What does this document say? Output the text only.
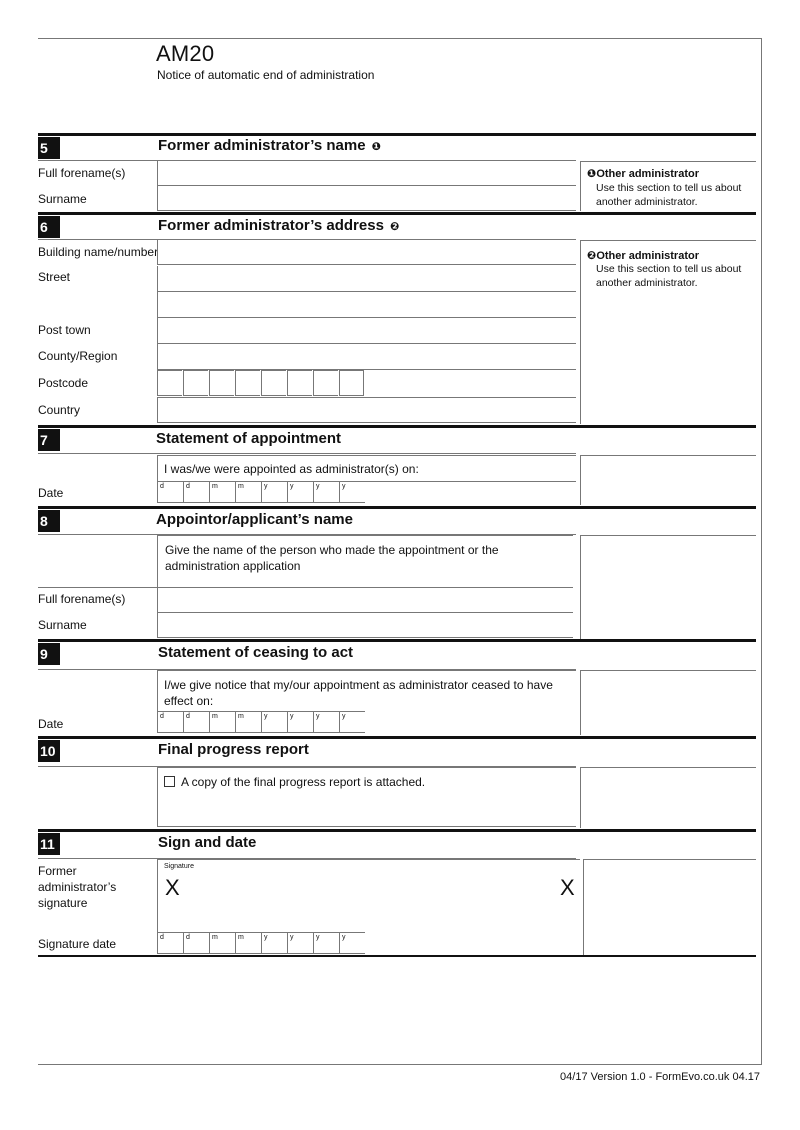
AM20
Notice of automatic end of administration
5	Former administrator’s name ❶
Full forename(s)
Surname
❶Other administrator
Use this section to tell us about another administrator.
6	Former administrator’s address ❷
Building name/number
Street
Post town
County/Region
Postcode
Country
❷Other administrator
Use this section to tell us about another administrator.
7	Statement of appointment
I was/we were appointed as administrator(s) on:
Date	d	d	m	m	y	y	y	y
8	Appointor/applicant’s name
Give the name of the person who made the appointment or the administration application
Full forename(s)
Surname
9	Statement of ceasing to act
I/we give notice that my/our appointment as administrator ceased to have effect on:
Date
d	d	m	m	y	y	y	y
10	Final progress report
A copy of the final progress report is attached.
11	Sign and date
Former administrator’s signature
Signature
X	X
Signature date	d	d	m	m	y	y	y	y
04/17 Version 1.0 - FormEvo.co.uk 04.17
